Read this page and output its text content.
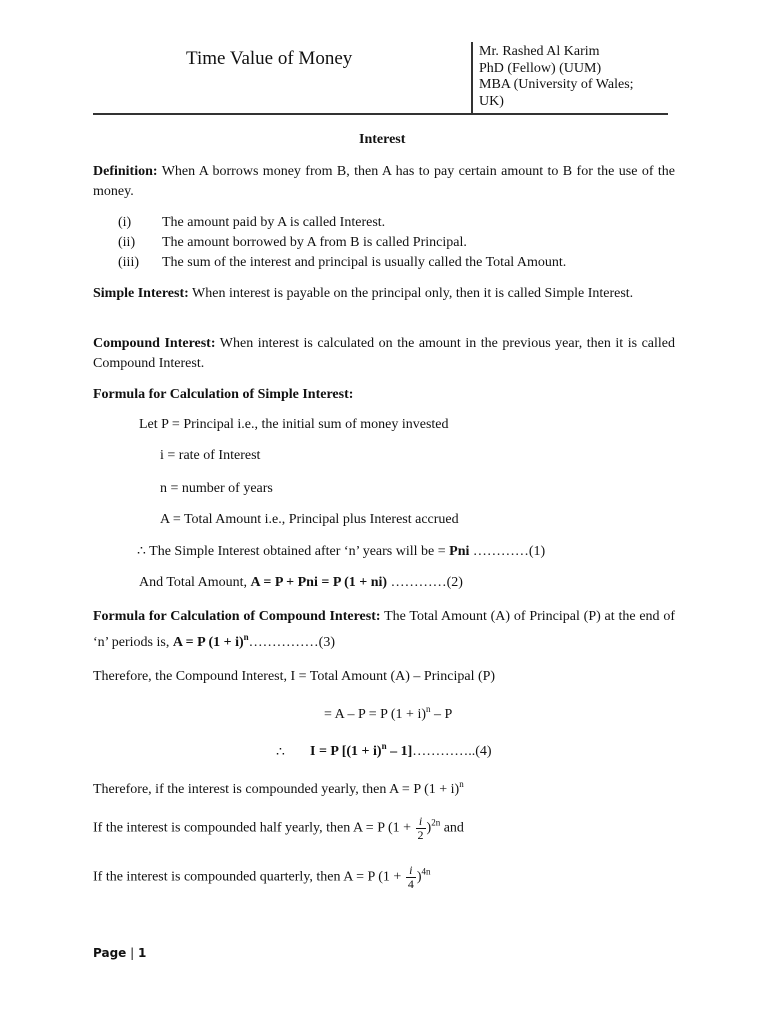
Time Value of Money	Mr. Rashed Al Karim
PhD (Fellow) (UUM)
MBA (University of Wales;
UK)
Interest
Definition: When A borrows money from B, then A has to pay certain amount to B for the use of the money.
(i) The amount paid by A is called Interest.
(ii) The amount borrowed by A from B is called Principal.
(iii) The sum of the interest and principal is usually called the Total Amount.
Simple Interest: When interest is payable on the principal only, then it is called Simple Interest.
Compound Interest: When interest is calculated on the amount in the previous year, then it is called Compound Interest.
Formula for Calculation of Simple Interest:
Let P = Principal i.e., the initial sum of money invested
i = rate of Interest
n = number of years
A = Total Amount i.e., Principal plus Interest accrued
∴ The Simple Interest obtained after ‘n’ years will be = Pni …………(1)
And Total Amount, A = P + Pni = P (1 + ni) …………(2)
Formula for Calculation of Compound Interest: The Total Amount (A) of Principal (P) at the end of ‘n’ periods is, A = P $(1 + i)^n\dots\dots\dots\dots\dots(3)$
Therefore, the Compound Interest, I = Total Amount (A) – Principal (P)
= A – P = P $(1 + i)^n - P$
∴ I = P [$(1 + i)^n$ – 1]…………..(4)
Therefore, if the interest is compounded yearly, then A = P $(1 + i)^n$
If the interest is compounded half yearly, then A = P $(1 + \frac{i}{2} )^{2n}$ and
If the interest is compounded quarterly, then A = P $(1 + \frac{i}{4} )^{4n}$
Page | 1
